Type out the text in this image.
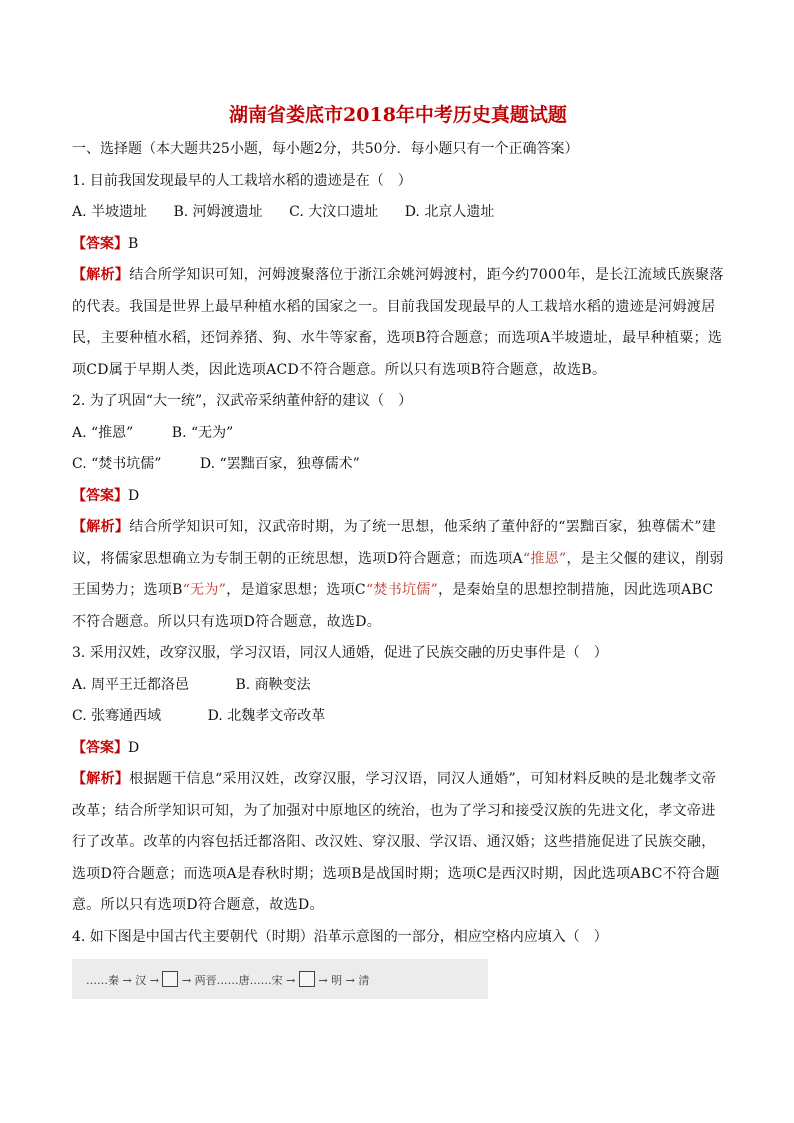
湖南省娄底市2018年中考历史真题试题
一、选择题（本大题共25小题，每小题2分，共50分．每小题只有一个正确答案）
1. 目前我国发现最早的人工栽培水稻的遗迹是在（　）
A. 半坡遗址 B. 河姆渡遗址 C. 大汶口遗址 D. 北京人遗址
【答案】B
【解析】结合所学知识可知，河姆渡聚落位于浙江余姚河姆渡村，距今约7000年，是长江流域氏族聚落的代表。我国是世界上最早种植水稻的国家之一。目前我国发现最早的人工栽培水稻的遗迹是河姆渡居民，主要种植水稻，还饲养猪、狗、水牛等家畜，选项B符合题意；而选项A半坡遗址，最早种植粟；选项CD属于早期人类，因此选项ACD不符合题意。所以只有选项B符合题意，故选B。
2. 为了巩固“大一统”，汉武帝采纳董仲舒的建议（　）
A. “推恩”	B. “无为”
C. “焚书坑儒”	D. “罢黜百家，独尊儒术”
【答案】D
【解析】结合所学知识可知，汉武帝时期，为了统一思想，他采纳了董仲舒的“罢黜百家，独尊儒术”建议，将儒家思想确立为专制王朝的正统思想，选项D符合题意；而选项A“推恩”，是主父偃的建议，削弱王国势力；选项B“无为”，是道家思想；选项C“焚书坑儒”，是秦始皇的思想控制措施，因此选项ABC不符合题意。所以只有选项D符合题意，故选D。
3. 采用汉姓，改穿汉服，学习汉语，同汉人通婚，促进了民族交融的历史事件是（　）
A. 周平王迁都洛邑	B. 商鞅变法
C. 张骞通西域	D. 北魏孝文帝改革
【答案】D
【解析】根据题干信息“采用汉姓，改穿汉服，学习汉语，同汉人通婚”，可知材料反映的是北魏孝文帝改革；结合所学知识可知，为了加强对中原地区的统治，也为了学习和接受汉族的先进文化，孝文帝进行了改革。改革的内容包括迁都洛阳、改汉姓、穿汉服、学汉语、通汉婚；这些措施促进了民族交融，选项D符合题意；而选项A是春秋时期；选项B是战国时期；选项C是西汉时期，因此选项ABC不符合题意。所以只有选项D符合题意，故选D。
4. 如下图是中国古代主要朝代（时期）沿革示意图的一部分，相应空格内应填入（　）
……秦 → 汉 → → 两晋……唐……宋 → → 明 → 清
